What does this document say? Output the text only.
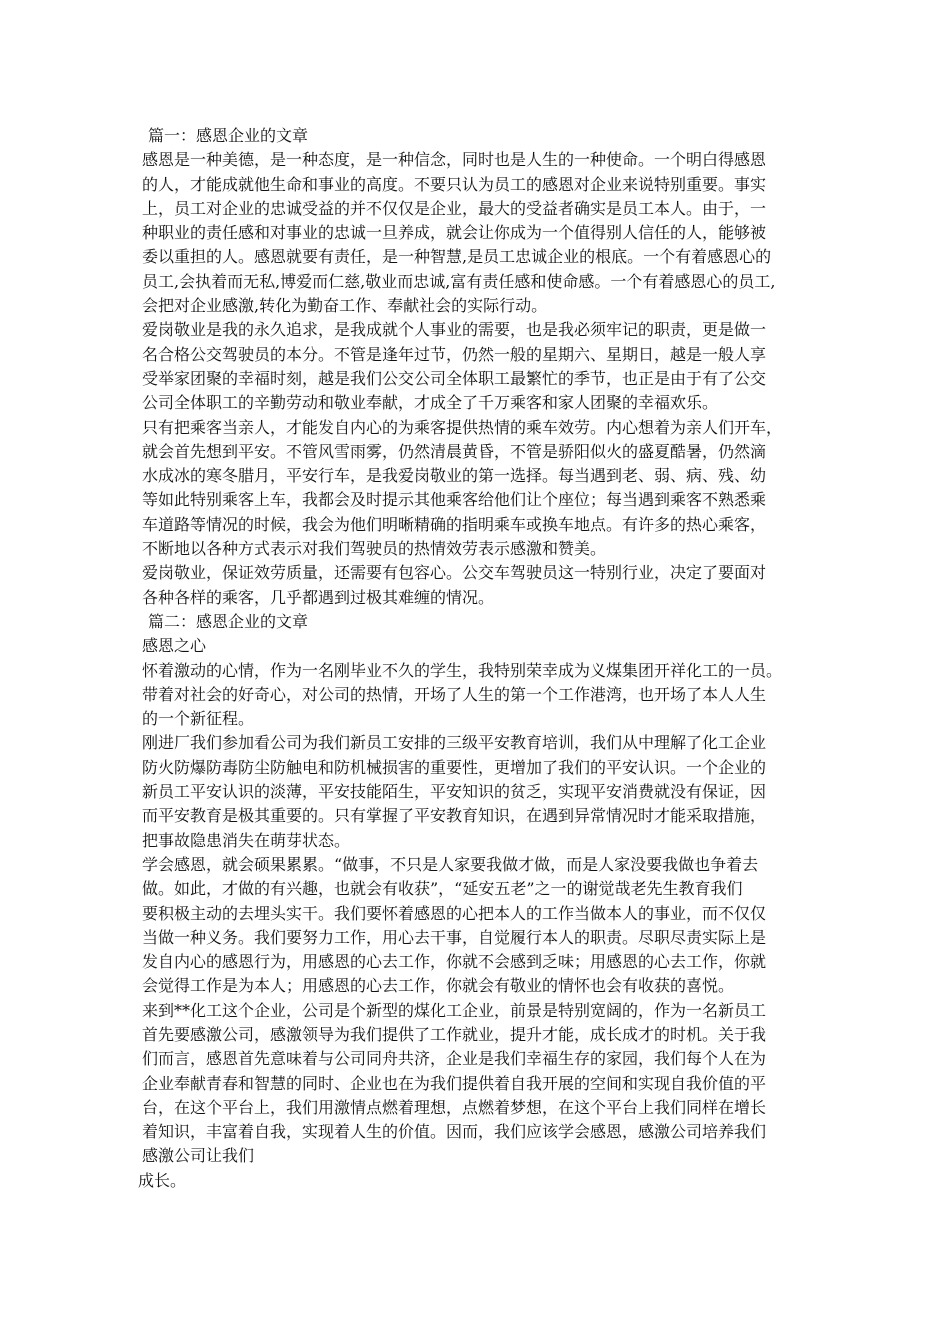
篇一：感恩企业的文章

感恩是一种美德，是一种态度，是一种信念，同时也是人生的一种使命。一个明白得感恩
的人，才能成就他生命和事业的高度。不要只认为员工的感恩对企业来说特别重要。事实
上，员工对企业的忠诚受益的并不仅仅是企业，最大的受益者确实是员工本人。由于，一
种职业的责任感和对事业的忠诚一旦养成，就会让你成为一个值得别人信任的人，能够被
委以重担的人。感恩就要有责任，是一种智慧,是员工忠诚企业的根底。一个有着感恩心的
员工,会执着而无私,博爱而仁慈,敬业而忠诚,富有责任感和使命感。一个有着感恩心的员工,
会把对企业感激,转化为勤奋工作、奉献社会的实际行动。

爱岗敬业是我的永久追求，是我成就个人事业的需要，也是我必须牢记的职责，更是做一
名合格公交驾驶员的本分。不管是逢年过节，仍然一般的星期六、星期日，越是一般人享
受举家团聚的幸福时刻，越是我们公交公司全体职工最繁忙的季节，也正是由于有了公交
公司全体职工的辛勤劳动和敬业奉献，才成全了千万乘客和家人团聚的幸福欢乐。

只有把乘客当亲人，才能发自内心的为乘客提供热情的乘车效劳。内心想着为亲人们开车，
就会首先想到平安。不管风雪雨雾，仍然清晨黄昏，不管是骄阳似火的盛夏酷暑，仍然滴
水成冰的寒冬腊月，平安行车，是我爱岗敬业的第一选择。每当遇到老、弱、病、残、幼
等如此特别乘客上车，我都会及时提示其他乘客给他们让个座位；每当遇到乘客不熟悉乘
车道路等情况的时候，我会为他们明晰精确的指明乘车或换车地点。有许多的热心乘客，
不断地以各种方式表示对我们驾驶员的热情效劳表示感激和赞美。

爱岗敬业，保证效劳质量，还需要有包容心。公交车驾驶员这一特别行业，决定了要面对
各种各样的乘客，几乎都遇到过极其难缠的情况。

篇二：感恩企业的文章

感恩之心

怀着激动的心情，作为一名刚毕业不久的学生，我特别荣幸成为义煤集团开祥化工的一员。
带着对社会的好奇心，对公司的热情，开场了人生的第一个工作港湾，也开场了本人人生
的一个新征程。

刚进厂我们参加看公司为我们新员工安排的三级平安教育培训，我们从中理解了化工企业
防火防爆防毒防尘防触电和防机械损害的重要性，更增加了我们的平安认识。一个企业的
新员工平安认识的淡薄，平安技能陌生，平安知识的贫乏，实现平安消费就没有保证，因
而平安教育是极其重要的。只有掌握了平安教育知识，在遇到异常情况时才能采取措施，
把事故隐患消失在萌芽状态。

学会感恩，就会硕果累累。“做事，不只是人家要我做才做，而是人家没要我做也争着去
做。如此，才做的有兴趣，也就会有收获”，“延安五老”之一的谢觉哉老先生教育我们
要积极主动的去埋头实干。我们要怀着感恩的心把本人的工作当做本人的事业，而不仅仅
当做一种义务。我们要努力工作，用心去干事，自觉履行本人的职责。尽职尽责实际上是
发自内心的感恩行为，用感恩的心去工作，你就不会感到乏味；用感恩的心去工作，你就
会觉得工作是为本人；用感恩的心去工作，你就会有敬业的情怀也会有收获的喜悦。

来到**化工这个企业，公司是个新型的煤化工企业，前景是特别宽阔的，作为一名新员工
首先要感激公司，感激领导为我们提供了工作就业，提升才能，成长成才的时机。关于我
们而言，感恩首先意味着与公司同舟共济，企业是我们幸福生存的家园，我们每个人在为
企业奉献青春和智慧的同时、企业也在为我们提供着自我开展的空间和实现自我价值的平
台，在这个平台上，我们用激情点燃着理想，点燃着梦想，在这个平台上我们同样在增长
着知识，丰富着自我，实现着人生的价值。因而，我们应该学会感恩，感激公司培养我们
感激公司让我们

成长。
